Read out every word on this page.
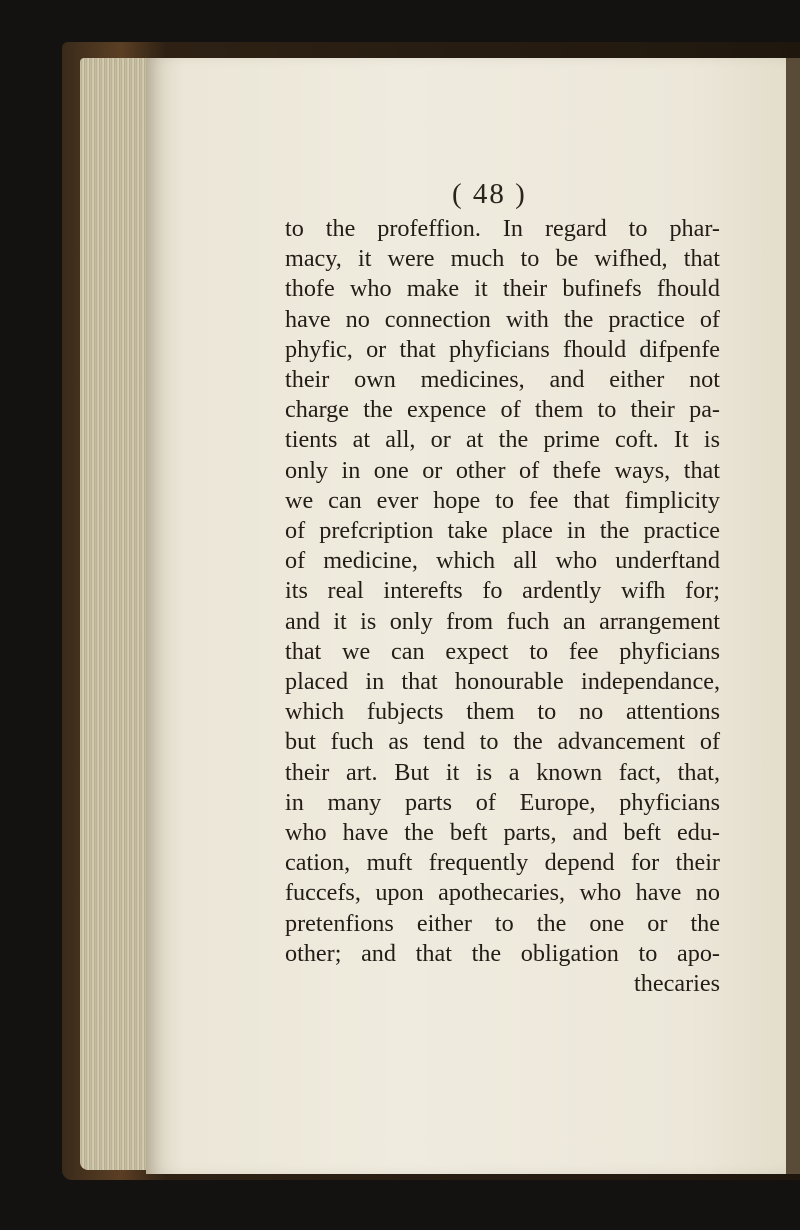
( 48 )
to the profeffion. In regard to phar-
macy, it were much to be wifhed, that
thofe who make it their bufinefs fhould
have no connection with the practice of
phyfic, or that phyficians fhould difpenfe
their own medicines, and either not
charge the expence of them to their pa-
tients at all, or at the prime coft. It is
only in one or other of thefe ways, that
we can ever hope to fee that fimplicity
of prefcription take place in the practice
of medicine, which all who underftand
its real interefts fo ardently wifh for;
and it is only from fuch an arrangement
that we can expect to fee phyficians
placed in that honourable independance,
which fubjects them to no attentions
but fuch as tend to the advancement of
their art. But it is a known fact, that,
in many parts of Europe, phyficians
who have the beft parts, and beft edu-
cation, muft frequently depend for their
fuccefs, upon apothecaries, who have no
pretenfions either to the one or the
other; and that the obligation to apo-
thecaries
